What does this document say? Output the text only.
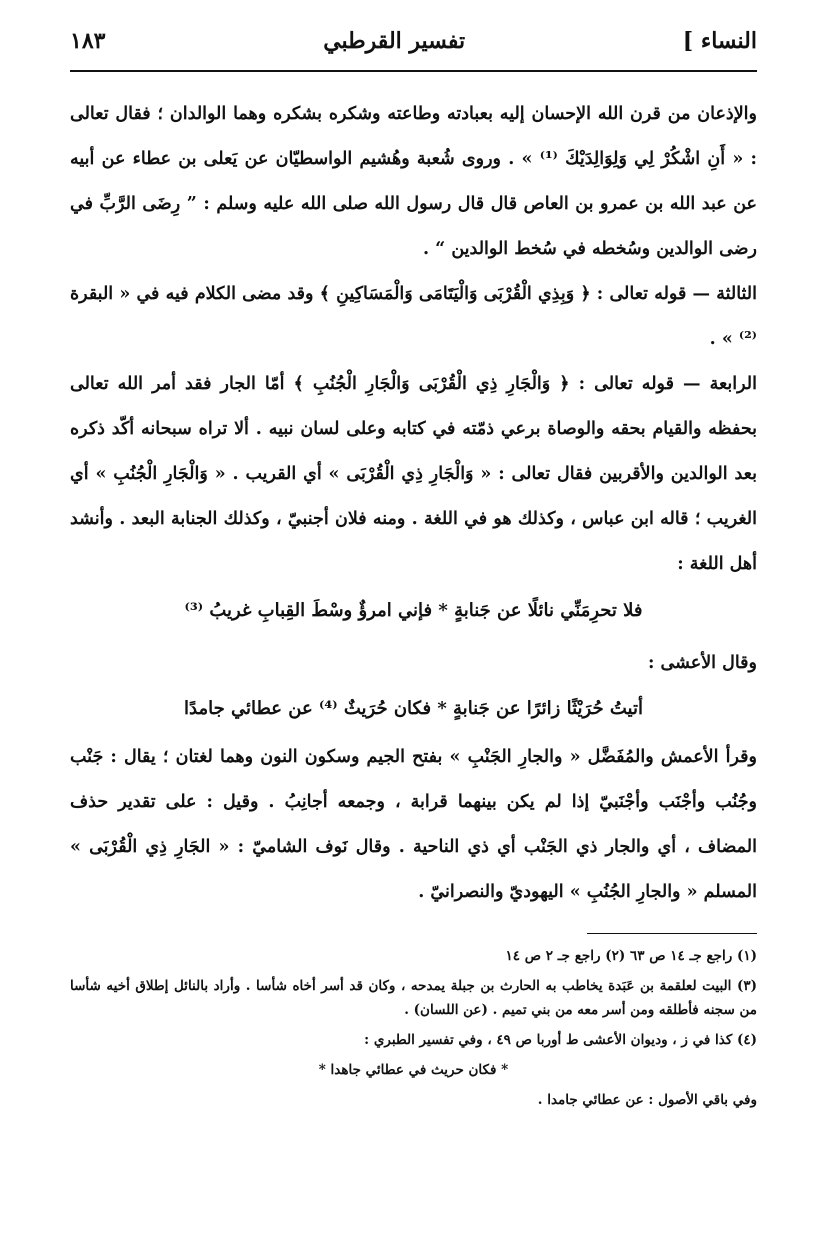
النساء ]
تفسير القرطبي
١٨٣

والإذعان من قرن الله الإحسان إليه بعبادته وطاعته وشكره بشكره وهما الوالدان ؛ فقال تعالى : « أَنِ اشْكُرْ لِي وَلِوَالِدَيْكَ ⁽¹⁾ » . وروى شُعبة وهُشيم الواسطيّان عن يَعلى بن عطاء عن أبيه عن عبد الله بن عمرو بن العاص قال قال رسول الله صلى الله عليه وسلم : ” رِضَى الرَّبِّ في رضى الوالدين وسُخطه في سُخط الوالدين “ .

الثالثة — قوله تعالى : ﴿ وَبِذِي الْقُرْبَى وَالْيَتَامَى وَالْمَسَاكِينِ ﴾ وقد مضى الكلام فيه في « البقرة ⁽²⁾ » .

الرابعة — قوله تعالى : ﴿ وَالْجَارِ ذِي الْقُرْبَى وَالْجَارِ الْجُنُبِ ﴾ أمّا الجار فقد أمر الله تعالى بحفظه والقيام بحقه والوصاة برعي ذمّته في كتابه وعلى لسان نبيه . ألا تراه سبحانه أكّد ذكره بعد الوالدين والأقربين فقال تعالى : « وَالْجَارِ ذِي الْقُرْبَى » أي القريب . « وَالْجَارِ الْجُنُبِ » أي الغريب ؛ قاله ابن عباس ، وكذلك هو في اللغة . ومنه فلان أجنبيّ ، وكذلك الجنابة البعد . وأنشد أهل اللغة :

فلا تحرِمَنِّي نائلًا عن جَنابةٍ * فإني امرؤٌ وسْطَ القِبابِ غريبُ ⁽³⁾
وقال الأعشى :
أتيتُ حُرَيْثًا زائرًا عن جَنابةٍ * فكان حُرَيثٌ ⁽⁴⁾ عن عطائي جامدًا

وقرأ الأعمش والمُفَضَّل « والجارِ الجَنْبِ » بفتح الجيم وسكون النون وهما لغتان ؛ يقال : جَنْب وجُنُب وأجْنَب وأجْنَبيّ إذا لم يكن بينهما قرابة ، وجمعه أجانِبُ . وقيل : على تقدير حذف المضاف ، أي والجار ذي الجَنْب أي ذي الناحية . وقال نَوف الشاميّ : « الجَارِ ذِي الْقُرْبَى » المسلم « والجارِ الجُنُبِ » اليهوديّ والنصرانيّ .

(١) راجع جـ ١٤ ص ٦٣ (٢) راجع جـ ٢ ص ١٤

(٣) البيت لعلقمة بن عَبَدة يخاطب به الحارث بن جبلة يمدحه ، وكان قد أسر أخاه شأسا . وأراد بالنائل إطلاق أخيه شأسا من سجنه فأطلقه ومن أسر معه من بني تميم . (عن اللسان) .

(٤) كذا في ز ، وديوان الأعشى ط أوربا ص ٤٩ ، وفي تفسير الطبري :

* فكان حريث في عطائي جاهدا *

وفي باقي الأصول : عن عطائي جامدا .
